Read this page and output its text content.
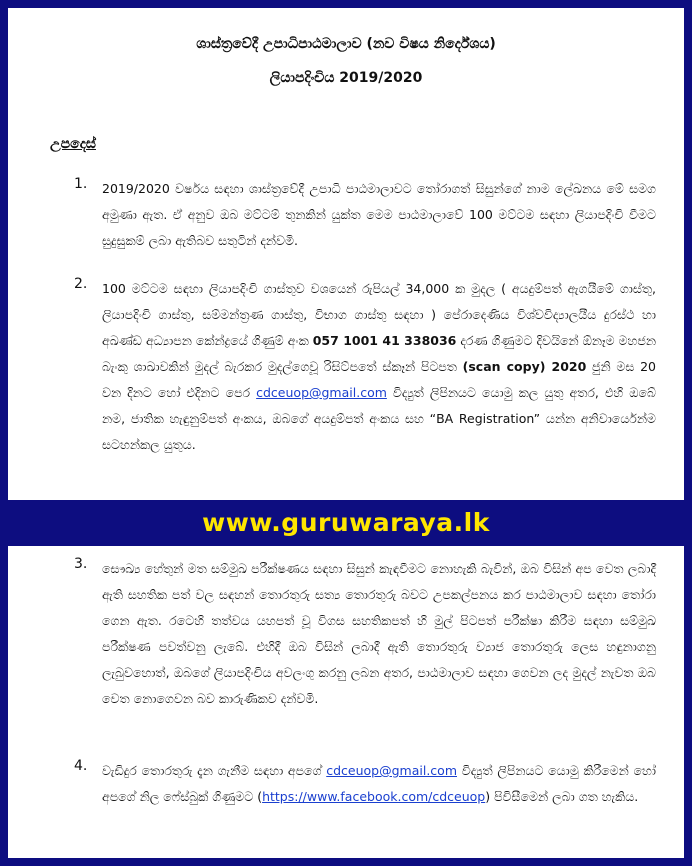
ශාස්ත්‍රවේදී උපාධිපාඨමාලාව (නව විෂය නිර්දේශය)
ලියාපදිංචිය 2019/2020
උපදෙස්
1. 2019/2020 වර්ෂය සඳහා ශාස්ත්‍රවේදී උපාධි පාඨමාලාවට තෝරාගත් සිසුන්ගේ නාම ලේඛනය මේ සමග අමුණා ඇත. ඒ අනුව ඔබ මට්ටම් තුනකින් යුක්ත මෙම පාඨමාලාවේ 100 මට්ටම සඳහා ලියාපදිංචි වීමට සුදුසුකම් ලබා ඇතිබව සතුටින් දන්වමි.
2. 100 මට්ටම සඳහා ලියාපදිංචි ගාස්තුව වශයෙන් රුපියල් 34,000 ක මුදල ( අයදුම්පත් ඇගයීමේ ගාස්තු, ලියාපදිංචි ගාස්තු, සම්මන්ත්‍රණ ගාස්තු, විභාග ගාස්තු සඳහා ) පේරාදෙණිය විශ්වවිද්‍යාලයීය දුරස්ථ හා අඛණ්ඩ අධ්‍යාපන කේන්ද්‍රයේ ගිණුම් අංක 057 1001 41 338036 දරණ ගිණුමට දිවයිනේ ඕනෑම මහජන බැංකු ශාඛාවකින් මුදල් බැරකර මුදල්ගෙවූ රිසිට්පතේ ස්කෑන් පිටපත (scan copy) 2020 ජුනි මස 20 වන දිනට හෝ එදිනට පෙර cdceuop@gmail.com විද්‍යුත් ලිපිනයට යොමු කල යුතු අතර, එහි ඔබේ නම, ජාතික හැඳුනුම්පත් අංකය, ඔබගේ අයදුම්පත් අංකය සහ “BA Registration” යන්න අනිවාර්යෙන්ම සටහන්කල යුතුය.
www.guruwaraya.lk
3. සෞඛ්‍ය හේතුන් මත සම්මුඛ පරීක්ෂණය සඳහා සිසුන් කැඳවීමට නොහැකි බැවින්, ඔබ විසින් අප වෙත ලබාදී ඇති සහතික පත් වල සඳහන් තොරතුරු සත්‍ය තොරතුරු බවට උපකල්පනය කර පාඨමාලාව සඳහා තෝරා ගෙන ඇත. රටෙහි තත්වය යහපත් වූ විගස සහතිකපත් හි මුල් පිටපත් පරීක්ෂා කිරීම සඳහා සම්මුඛ පරීක්ෂණ පවත්වනු ලැබේ. එහිදී ඔබ විසින් ලබාදී ඇති තොරතුරු ව්‍යාජ තොරතුරු ලෙස හඳුනාගනු ලැබුවහොත්, ඔබගේ ලියාපදිංචිය අවලංගු කරනු ලබන අතර, පාඨමාලාව සඳහා ගෙවන ලද මුදල් නැවත ඔබ වෙත නොගෙවන බව කාරුණිකව දන්වමි.
4. වැඩිදුර තොරතුරු දැන ගැනීම සඳහා අපගේ cdceuop@gmail.com විද්‍යුත් ලිපිනයට යොමු කිරීමෙන් හෝ අපගේ නිල ෆේස්බුක් ගිණුමට (https://www.facebook.com/cdceuop) පිවිසීමෙන් ලබා ගත හැකිය.
